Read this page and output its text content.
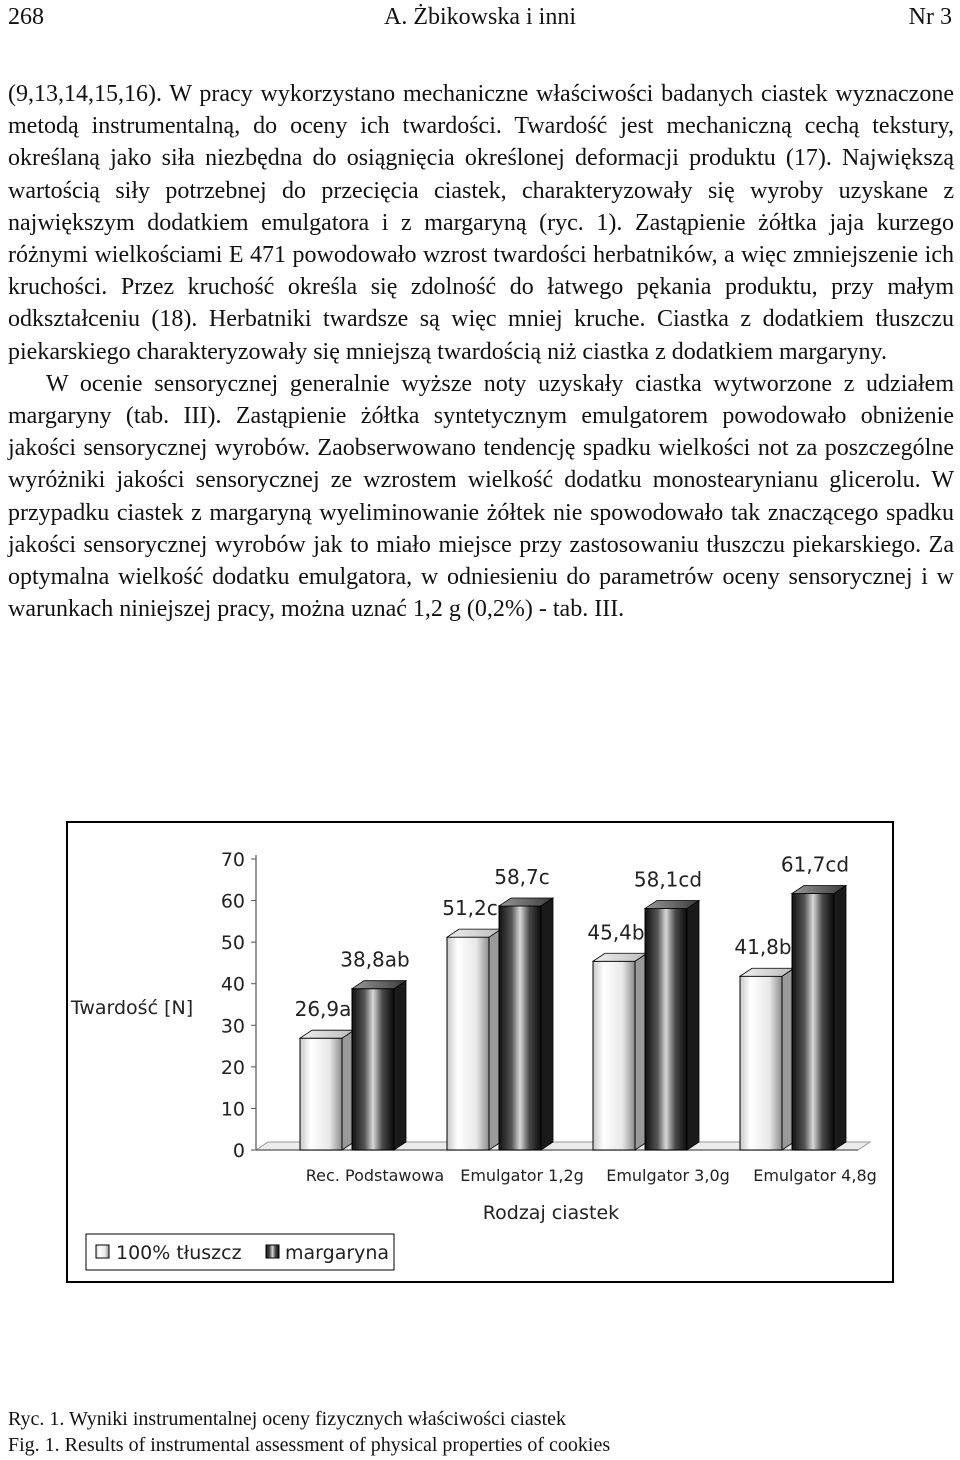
268	A. Żbikowska i inni	Nr 3

(9,13,14,15,16). W pracy wykorzystano mechaniczne właściwości badanych ciastek wyznaczone metodą instrumentalną, do oceny ich twardości. Twardość jest mechaniczną cechą tekstury, określaną jako siła niezbędna do osiągnięcia określonej deformacji produktu (17). Największą wartością siły potrzebnej do przecięcia ciastek, charakteryzowały się wyroby uzyskane z największym dodatkiem emulgatora i z margaryną (ryc. 1). Zastąpienie żółtka jaja kurzego różnymi wielkościami E 471 powodowało wzrost twardości herbatników, a więc zmniejszenie ich kruchości. Przez kruchość określa się zdolność do łatwego pękania produktu, przy małym odkształceniu (18). Herbatniki twardsze są więc mniej kruche. Ciastka z dodatkiem tłuszczu piekarskiego charakteryzowały się mniejszą twardością niż ciastka z dodatkiem margaryny.

W ocenie sensorycznej generalnie wyższe noty uzyskały ciastka wytworzone z udziałem margaryny (tab. III). Zastąpienie żółtka syntetycznym emulgatorem powodowało obniżenie jakości sensorycznej wyrobów. Zaobserwowano tendencję spadku wielkości not za poszczególne wyróżniki jakości sensorycznej ze wzrostem wielkość dodatku monostearynianu glicerolu. W przypadku ciastek z margaryną wyeliminowanie żółtek nie spowodowało tak znaczącego spadku jakości sensorycznej wyrobów jak to miało miejsce przy zastosowaniu tłuszczu piekarskiego. Za optymalna wielkość dodatku emulgatora, w odniesieniu do parametrów oceny sensorycznej i w warunkach niniejszej pracy, można uznać 1,2 g (0,2%) - tab. III.

0
10
20
30
40
50
60
70
Twardość [N]	26,9a
38,8ab
Rec. Podstawowa
51,2c
58,7c
Emulgator 1,2g
45,4b
58,1cd
Emulgator 3,0g
41,8b
61,7cd
Emulgator 4,8g
Rodzaj ciastek
100% tłuszcz margaryna
Ryc. 1. Wyniki instrumentalnej oceny fizycznych właściwości ciastek
Fig. 1. Results of instrumental assessment of physical properties of cookies
